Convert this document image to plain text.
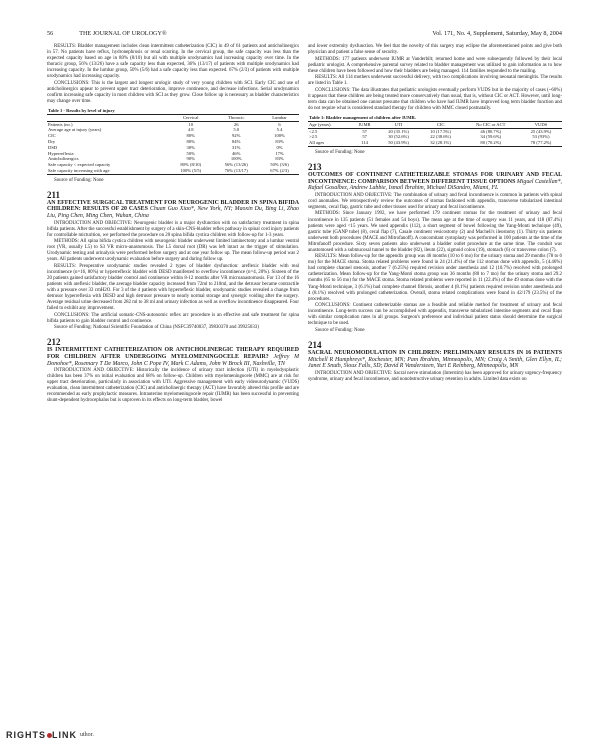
56	THE JOURNAL OF UROLOGY®	Vol. 171, No. 4, Supplement, Saturday, May 8, 2004

RESULTS: Bladder management includes clean intermittent catheterization (CIC) in 49 of 61 patients and anticholinergics in 57. No patients have reflux, hydronephrosis or renal scarring. In the cervical group, the safe capacity was less than the expected capacity based on age in 80% (8/10) but all with multiple urodynamics had increasing capacity over time. In the thoracic group, 56% (13/26) have a safe capacity less than expected, 36% (13/17) of patients with multiple urodynamics had increasing capacity. In the lumbar group, 50% (5/6) had a safe capacity less than expected. 67% (2/3) of patients with multiple urodynamics had increasing capacity.

CONCLUSIONS: This is the largest and longest urologic study of very young children with SCI. Early CIC and use of anticholinergics appear to prevent upper tract deterioration, improve continence, and decrease infections. Serial urodynamics confirm increasing safe capacity in most children with SCI as they grow. Close follow up is necessary as bladder characteristics may change over time.

Table 1 - Results by level of injury			
	Cervical	Thoracic	Lumbar
Patients (no.)	10	26	6
Average age at injury (years)	4.8	5.0	5.4
CIC	80%	92%	100%
Dry	80%	84%	83%
DSD	30%	31%	0%
Hyperreflexia	50%	46%	17%
Anticholinergics	90%	100%	83%
Safe capacity < expected capacity	80% (8/10)	56% (13/26)	50% (3/6)
Safe capacity increasing with age	100% (5/5)	76% (13/17)	67% (2/3)

Source of Funding: None

211
AN EFFECTIVE SURGICAL TREATMENT FOR NEUROGENIC BLADDER IN SPINA BIFIDA CHILDREN: RESULTS OF 20 CASES Chuan Guo Xiao*, New York, NY; Maoxin Du, Bing Li, Zhao Liu, Ping Chen, Ming Chen, Wuhan, China

INTRODUCTION AND OBJECTIVE: Neurogenic bladder is a major dysfunction with no satisfactory treatment in spina bifida patients. After the successful establishment by surgery of a skin-CNS-bladder reflex pathway in spinal cord injury patients for controllable micturition, we performed the procedure on 20 spina bifida cystica children with follow-up for 1-3 years.

METHODS: All spina bifida cystica children with neurogenic bladder underwent limited laminectomy and a lumbar ventral root (VR, usually L5) to S3 VR micro-anastomosis. The L5 dorsal root (DR) was left intact as the trigger of stimulation. Urodynamic testing and urinalysis were performed before surgery and at one year follow up. The mean follow-up period was 2 years. All patients underwent urodynamic evaluation before surgery and during follow up.

RESULTS: Preoperative urodynamic studies revealed 2 types of bladder dysfunction: areflexic bladder with real incontinence (n=16, 80%) or hyperreflexic bladder with DESD manifested to overflow incontinence (n=4, 20%). Sixteen of the 20 patients gained satisfactory bladder control and continence within 8-12 months after VR microanastomosis. For 13 of the 16 patients with areflexic bladder, the average bladder capacity increased from 72ml to 210ml, and the detrusor became contractile with a pressure over 33 cmH2O. For 3 of the 4 patients with hyperreflexic bladder, urodynamic studies revealed a change from detrusor hyperreflexia with DESD and high detrusor pressure to nearly normal storage and synergic voiding after the surgery. Average residual urine decreased from 282 ml to 38 ml and urinary infection as well as overflow incontinence disappeared. Four failed to exhibit any improvement.

CONCLUSIONS: The artificial somatic-CNS-autonomic reflex arc procedure is an effective and safe treatment for spina bifida patients to gain bladder control and continence.

Source of Funding: National Scientific Foundation of China (NSFC39740037, 39830370 and 39925033)

212
IS INTERMITTENT CATHETERIZATION OR ANTICHOLINERGIC THERAPY REQUIRED FOR CHILDREN AFTER UNDERGOING MYELOMENINGOCELE REPAIR? Jeffrey M Donohoe*, Rosemary T De Marco, John C Pope IV, Mark C Adams, John W Brock III, Nashville, TN

INTRODUCTION AND OBJECTIVE: Historically the incidence of urinary tract infection (UTI) in myelodysplastic children has been 37% on initial evaluation and 68% on follow-up. Children with myelomeningocele (MMC) are at risk for upper tract deterioration, particularly in association with UTI. Aggressive management with early videourodynamic (VUDS) evaluation, clean intermittent catheterization (CIC) and anticholinergic therapy (ACT) have favorably altered this profile and are recommended as early prophylactic measures. Intrauterine myelomeningocele repair (IUMR) has been successful in preventing shunt-dependent hydrocephalus but is unproven in its effects on long-term bladder, bowel

and lower extremity dysfunction. We feel that the novelty of this surgery may eclipse the aforementioned points and give both physician and patient a false sense of security.

METHODS: 177 patients underwent IUMR at Vanderbilt; returned home and were subsequently followed by their local pediatric urologist. A comprehensive parental survey related to bladder management was utilized to gain information as to how these children have been followed and how their bladders are being managed. 114 families responded to the mailing.

RESULTS: All 114 mothers underwent successful delivery, with two complications involving neonatal meningitis. The results are listed in Table 1.

CONCLUSIONS: The data illustrates that pediatric urologists eventually perform VUDS but in the majority of cases (~60%) it appears that these children are being treated more conservatively than usual, that is, without CIC or ACT. However, until long-term data can be obtained one cannot presume that children who have had IUMR have improved long term bladder function and do not require what is considered standard therapy for children with MMC closed postnatally.

Table 1: Bladder management of children after IUMR.					
Age (years)	IUMR	UTI	CIC	No CIC or ACT	VUDS
<2.5	57	20 (35.1%)	10 (17.5%)	46 (80.7%)	25 (43.9%)
>2.5	57	30 (52.6%)	22 (38.6%)	34 (59.6%)	53 (93%)
All ages	114	50 (43.9%)	32 (28.1%)	80 (70.2%)	78 (77.2%)

Source of Funding: None

213
OUTCOMES OF CONTINENT CATHETERIZABLE STOMAS FOR URINARY AND FECAL INCONTINENCE: COMPARISON BETWEEN DIFFERENT TISSUE OPTIONS Miguel Castellan*, Rafael Gosalbez, Andrew Labbie, Ismail Ibrahim, Michael DiSandro, Miami, FL

INTRODUCTION AND OBJECTIVE: The combination of urinary and fecal incontinence is common in patients with spinal cord anomalies. We retrospectively review the outcomes of stomas fashioned with appendix, transverse tubularized intestinal segments, cecal flap, gastric tube and other tissues used for urinary and fecal incontinence.

METHODS: Since January 1992, we have performed 179 continent stomas for the treatment of urinary and fecal incontinence in 135 patients (51 females and 54 boys). The mean age at the time of surgery was 11 years, and 118 (87.4%) patients were aged <15 years. We used appendix (112), a short segment of bowel following the Yang-Monti technique (49), gastric tube (GANP tube) (8), cecal flap (7), Casale continent vesicostomy (2) and Macheli's ileostomy (1). Thirty six patients underwent both procedures (MACE and Mitrofanoff). A concomitant cystoplasty was performed in 100 patients at the time of the Mitrofanoff procedure. Sixty seven patients also underwent a bladder outlet procedure at the same time. The conduit was anastomosed with a submucosal tunnel to the bladder (82), ileum (22), sigmoid colon (19), stomach (6) or transverse colon (7).

RESULTS: Mean follow-up for the appendix group was 46 months (10 to 6 mo) for the urinary stoma and 29 months (78 to 6 mo) for the MACE stoma. Stoma related problems were found in 24 (21.4%) of the 112 stomas done with appendix, 5 (4.46%) had complete channel stenosis, another 7 (6.25%) required revision under anesthesia and 12 (10.7%) resolved with prolonged catheterization. Mean follow-up for the Yang-Monti stoma group was 36 months (80 to 7 mo) for the urinary stoma and 29.2 months (65 to 56 mo) for the MACE stoma. Stoma related problems were reported in 11 (22.4%) of the 49 stomas done with the Yang-Monti technique, 3 (6.1%) had complete channel fibrosis, another 4 (8.1%) patients required revision under anesthesia and 4 (8.1%) resolved with prolonged catheterization. Overall, stoma related complications were found in 42/179 (23.5%) of the procedures.

CONCLUSIONS: Continent catheterizable stomas are a feasible and reliable method for treatment of urinary and fecal incontinence. Long-term success can be accomplished with appendix, transverse tubularized intestine segments and cecal flaps with similar complication rates in all groups. Surgeon's preference and individual patient status should determine the surgical technique to be used.

Source of Funding: None

214
SACRAL NEUROMODULATION IN CHILDREN: PRELIMINARY RESULTS IN 16 PATIENTS Mitchell R Humphreys*, Rochester, MN; Pam Ibrahim, Minneapolis, MN; Craig A Smith, Glen Ellyn, IL; Janet E Snuth, Sioux Falls, SD; David R Vandersteen, Yuri E Reinberg, Minneapolis, MN

INTRODUCTION AND OBJECTIVE: Sacral nerve stimulation (Interstim) has been approved for urinary urgency-frequency syndrome, urinary and fecal incontinence, and nonobstructive urinary retention in adults. Limited data exists on

RIGHTS LINK uthor.
